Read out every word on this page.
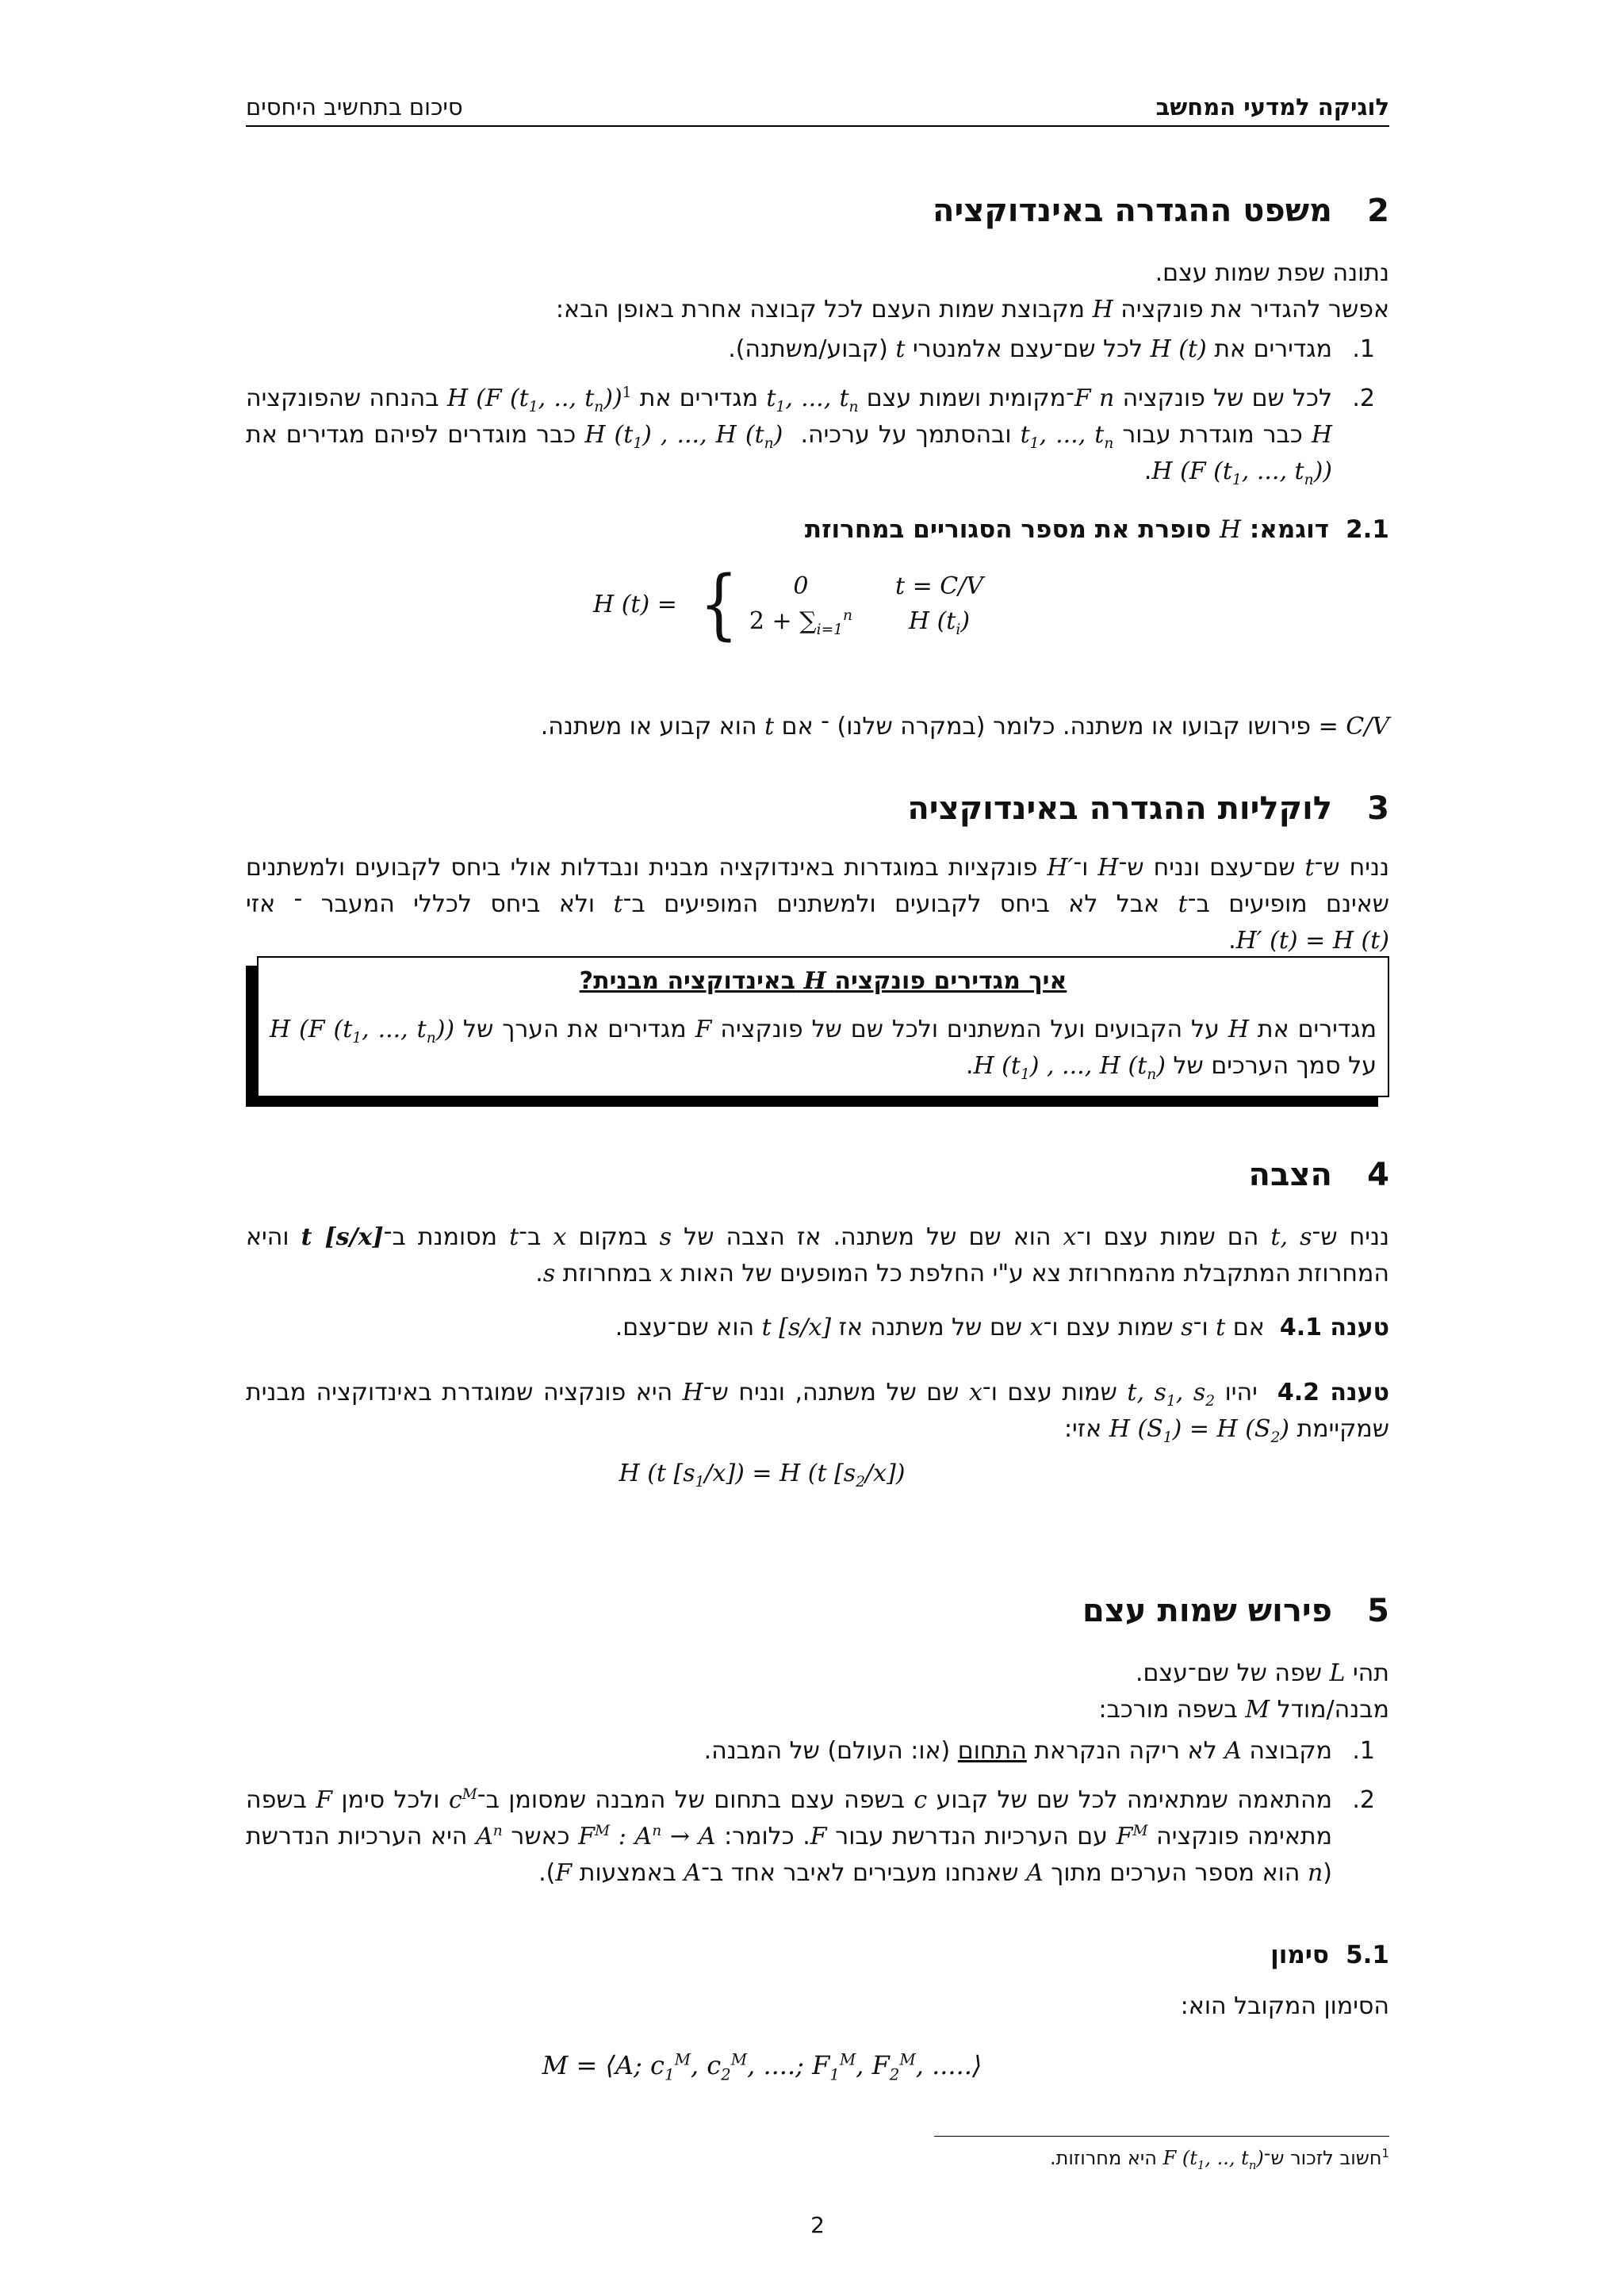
לוגיקה למדעי המחשב
סיכום בתחשיב היחסים
2משפט ההגדרה באינדוקציה

נתונה שפת שמות עצם.

אפשר להגדיר את פונקציה H מקבוצת שמות העצם לכל קבוצה אחרת באופן הבא:

1.
מגדירים את H (t) לכל שם־עצם אלמנטרי t (קבוע/משתנה).
2.
לכל שם של פונקציה F n־מקומית ושמות עצם $t_1$, ..., $t_n$ מגדירים את H (F ($t_1$, .., $t_n))^1$ בהנחה שהפונקציה H כבר מוגדרת עבור $t_1$, ..., $t_n$ ובהסתמך על ערכיה.  H $(t_1)$ , ..., H $(t_n)$ כבר מוגדרים לפיהם מגדירים את H (F ($t_1$, ..., $t_n$)).
2.1דוגמא: H סופרת את מספר הסגוריים במחרוזת
H (t) = { 0	t = C/V
$2 + \sum_{i=1}^n$	H $(t_i)$

C/V = פירושו קבועו או משתנה. כלומר (במקרה שלנו) ־ אם t הוא קבוע או משתנה.

3לוקליות ההגדרה באינדוקציה

נניח ש־t שם־עצם ונניח ש־H ו־H′ פונקציות במוגדרות באינדוקציה מבנית ונבדלות אולי ביחס לקבועים ולמשתנים שאינם מופיעים ב־t אבל לא ביחס לקבועים ולמשתנים המופיעים ב־t ולא ביחס לכללי המעבר ־ אזי H′ (t) = H (t).

איך מגדירים פונקציה H באינדוקציה מבנית?

מגדירים את H על הקבועים ועל המשתנים ולכל שם של פונקציה F מגדירים את הערך של H (F ($t_1$, ..., $t_n$)) על סמך הערכים של H $(t_1)$ , ..., H $(t_n)$.

4הצבה

נניח ש־t, s הם שמות עצם ו־x הוא שם של משתנה. אז הצבה של s במקום x ב־t מסומנת ב־t [s/x] והיא המחרוזת המתקבלת מהמחרוזת צא ע"י החלפת כל המופעים של האות x במחרוזת s.

טענה 4.1  אם t ו־s שמות עצם ו־x שם של משתנה אז t [s/x] הוא שם־עצם.

טענה 4.2  יהיו t, $s_1$, $s_2$ שמות עצם ו־x שם של משתנה, ונניח ש־H היא פונקציה שמוגדרת באינדוקציה מבנית שמקיימת H $(S_1) = H$ $(S_2)$ אזי:

H (t $[s_1/x]) = H$ (t $[s_2/x]$)

5פירוש שמות עצם

תהי L שפה של שם־עצם.

מבנה/מודל M בשפה מורכב:

1.
מקבוצה A לא ריקה הנקראת התחום (או: העולם) של המבנה.
2.
מהתאמה שמתאימה לכל שם של קבוע c בשפה עצם בתחום של המבנה שמסומן $ב־c^M$ ולכל סימן F בשפה מתאימה פונקציה $F^M$ עם הערכיות הנדרשת עבור F. כלומר: $F^M$ : $A^n \to A$ כאשר $A^n$ היא הערכיות הנדרשת (n הוא מספר הערכים מתוך A שאנחנו מעבירים לאיבר אחד ב־A באמצעות F).
5.1סימון

הסימון המקובל הוא:

M = ⟨A; $c_1^M$, $c_2^M$, ....; $F_1^M$, $F_2^M$, .....⟩

$^1$חשוב לזכור ש־F ($t_1$, .., $t_n$) היא מחרוזות.

2
